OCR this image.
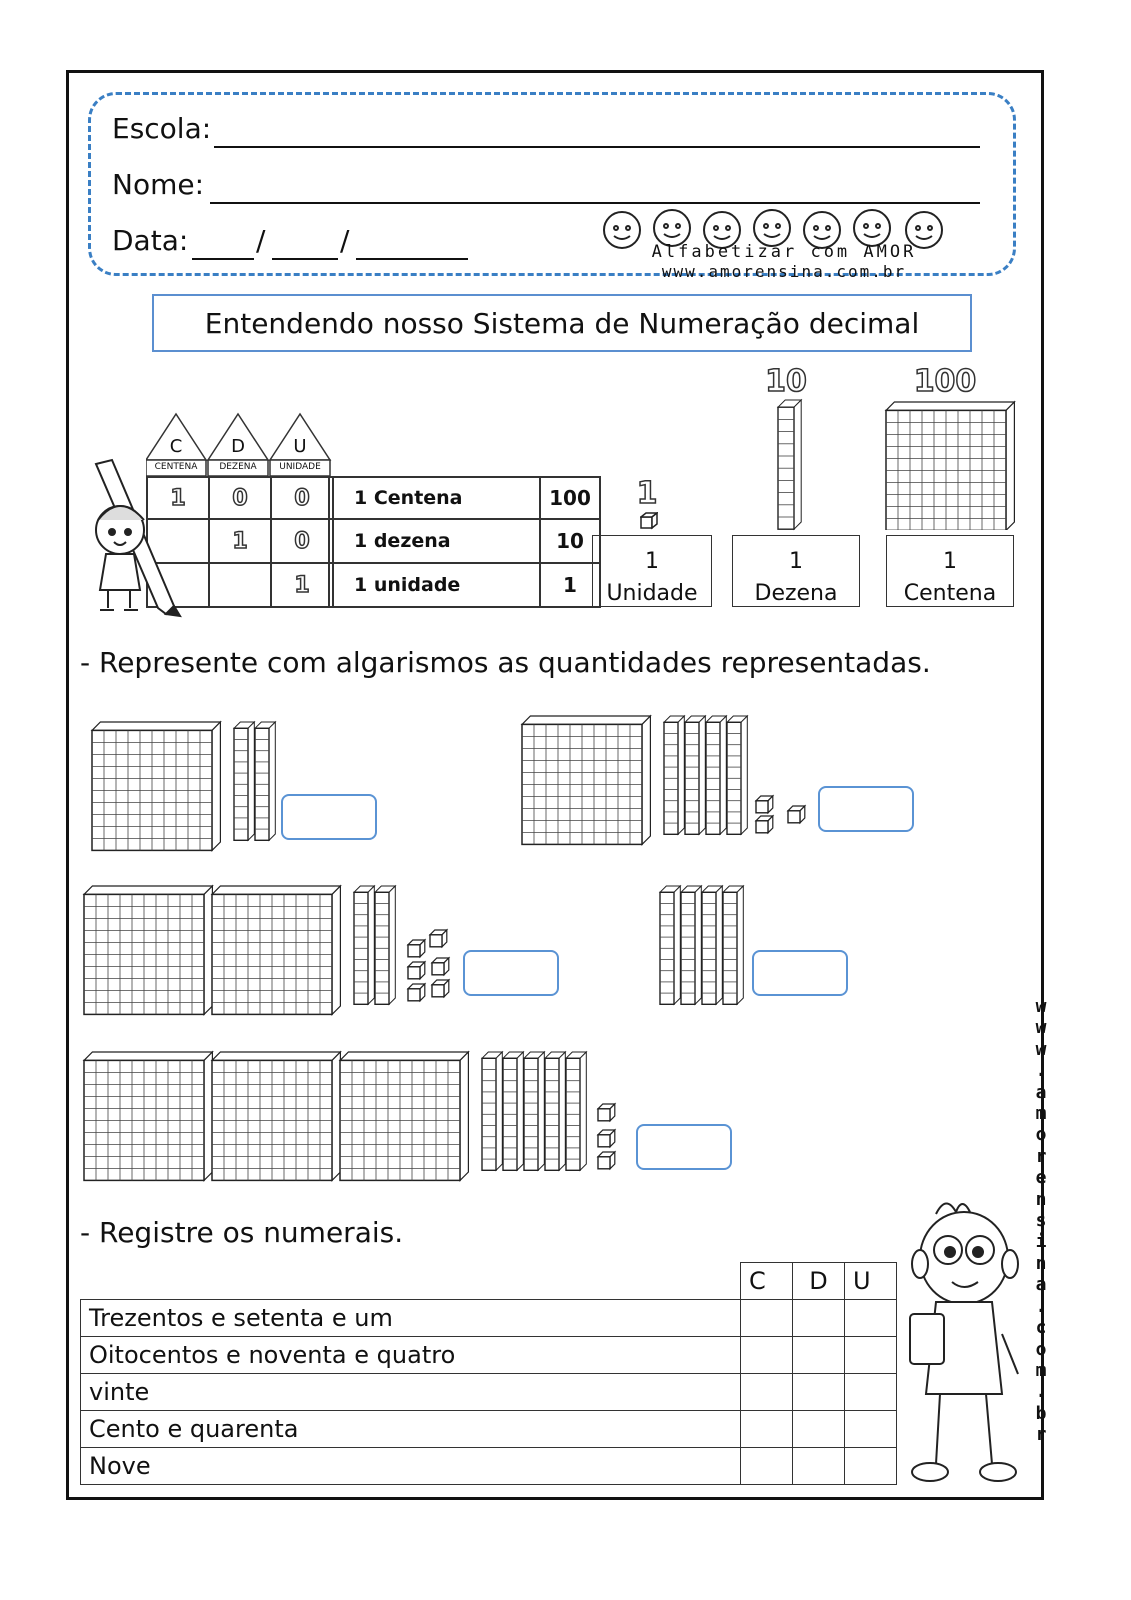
Escola:
Nome:
Data: /	/	Alfabetizar com AMOR
www.amorensina.com.br
Entendendo nosso Sistema de Numeração decimal
C	D	U
CENTENA	DEZENA	UNIDADE
1	0	0
	1	0
		1
1 Centena	100
1 dezena	10
1 unidade	1
1
1
Unidade
10
1
Dezena
100
1
Centena
- Represente com algarismos as quantidades representadas.
- Registre os numerais.
	C	D	U
Trezentos e setenta e um			
Oitocentos e noventa e quatro			
vinte			
Cento e quarenta			
Nove			
w
w
w
.
a
m
o
r
e
n
s
i
n
a
.
c
o
m
.
b
r
